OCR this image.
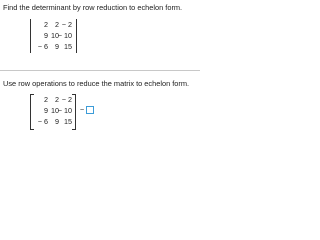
Find the determinant by row reduction to echelon form.
2 2 − 2
9 10
− 10
− 6 9 15
Use row operations to reduce the matrix to echelon form.
2 2 − 2
9 10
− 10
− 6 9 15
~
